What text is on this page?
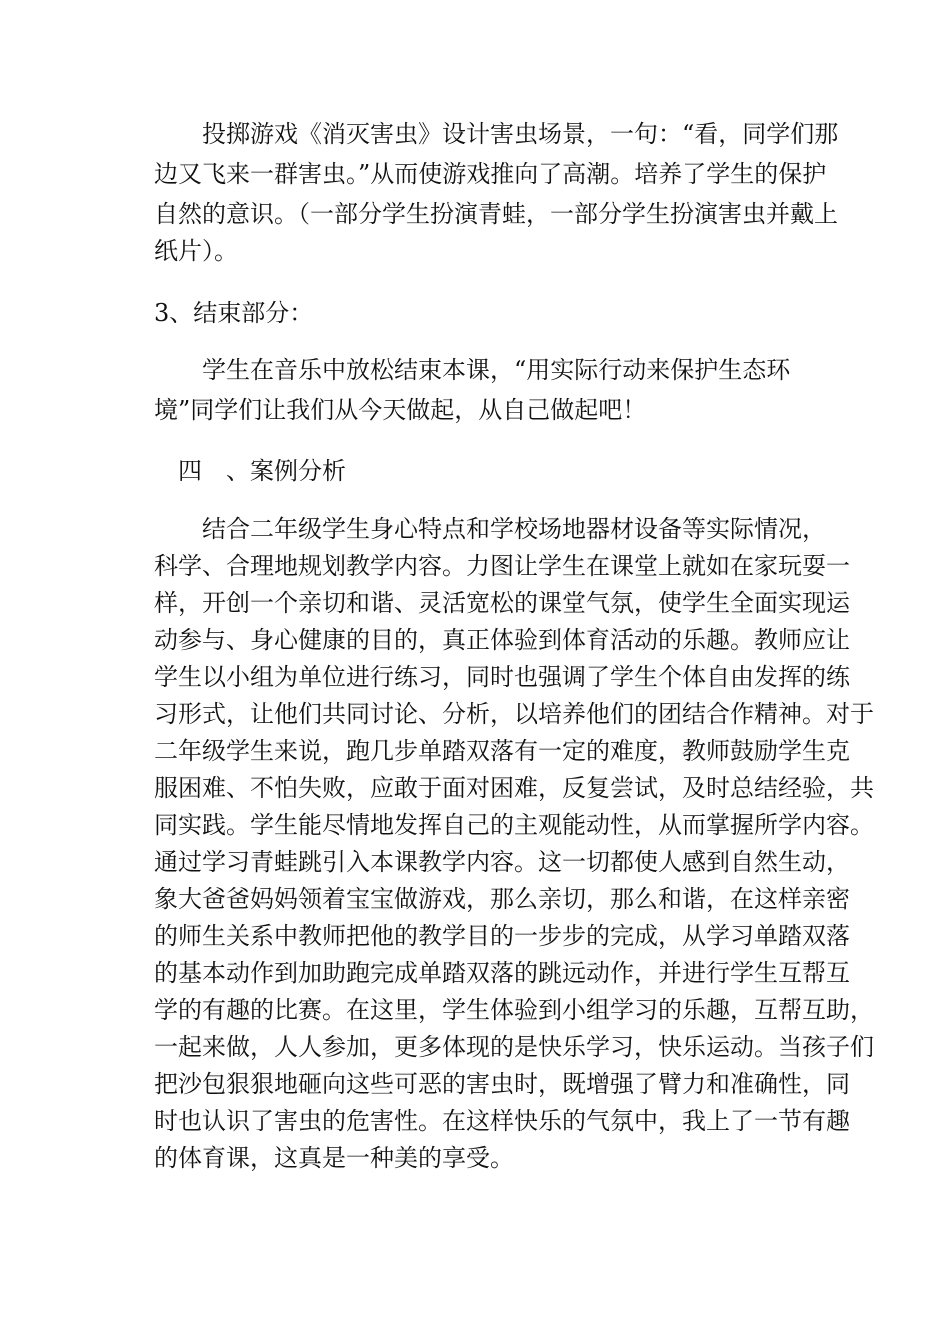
　　投掷游戏《消灭害虫》设计害虫场景，一句：“看，同学们那
边又飞来一群害虫。”从而使游戏推向了高潮。培养了学生的保护
自然的意识。（一部分学生扮演青蛙，一部分学生扮演害虫并戴上
纸片）。
3、结束部分：
　　学生在音乐中放松结束本课，“用实际行动来保护生态环
境”同学们让我们从今天做起，从自己做起吧！
　四　、案例分析
　　结合二年级学生身心特点和学校场地器材设备等实际情况，
科学、合理地规划教学内容。力图让学生在课堂上就如在家玩耍一
样，开创一个亲切和谐、灵活宽松的课堂气氛，使学生全面实现运
动参与、身心健康的目的，真正体验到体育活动的乐趣。教师应让
学生以小组为单位进行练习，同时也强调了学生个体自由发挥的练
习形式，让他们共同讨论、分析，以培养他们的团结合作精神。对于
二年级学生来说，跑几步单踏双落有一定的难度，教师鼓励学生克
服困难、不怕失败，应敢于面对困难，反复尝试，及时总结经验，共
同实践。学生能尽情地发挥自己的主观能动性，从而掌握所学内容。
通过学习青蛙跳引入本课教学内容。这一切都使人感到自然生动，
象大爸爸妈妈领着宝宝做游戏，那么亲切，那么和谐，在这样亲密
的师生关系中教师把他的教学目的一步步的完成，从学习单踏双落
的基本动作到加助跑完成单踏双落的跳远动作，并进行学生互帮互
学的有趣的比赛。在这里，学生体验到小组学习的乐趣，互帮互助，
一起来做，人人参加，更多体现的是快乐学习，快乐运动。当孩子们
把沙包狠狠地砸向这些可恶的害虫时，既增强了臂力和准确性，同
时也认识了害虫的危害性。在这样快乐的气氛中，我上了一节有趣
的体育课，这真是一种美的享受。
